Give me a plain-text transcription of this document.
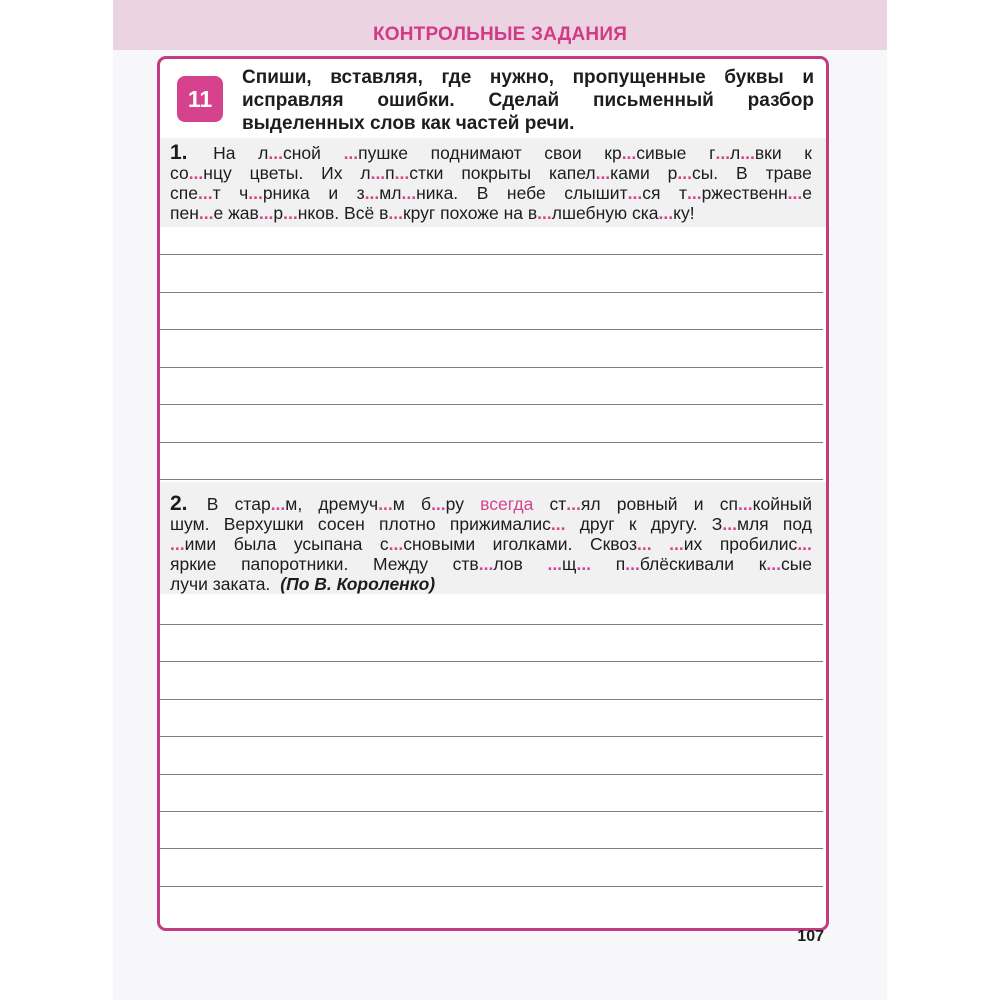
КОНТРОЛЬНЫЕ ЗАДАНИЯ
11
Спиши, вставляя, где нужно, пропущенные буквы и исправляя ошибки. Сделай письменный разбор выделенных слов как частей речи.
1. На л...сной ...пушке поднимают свои кр...сивые г...л...вки к
со...нцу цветы. Их л...п...стки покрыты капел...ками р...сы. В траве
спе...т ч...рника и з...мл...ника. В небе слышит...ся т...ржественн...е
пен...е
жав...р...нков.
Всё
в...круг
похоже
на
в...лшебную
ска...ку!
2. В стар...м, дремуч...м б...ру всегда ст...ял ровный и сп...койный
шум. Верхушки сосен плотно прижималис... друг к другу. З...мля под
...ими была усыпана с...сновыми иголками. Сквоз... ...их пробилис...
яркие папоротники. Между ств...лов ...щ... п...блёскивали к...сые
лучи
заката. (По В. Короленко)
107
